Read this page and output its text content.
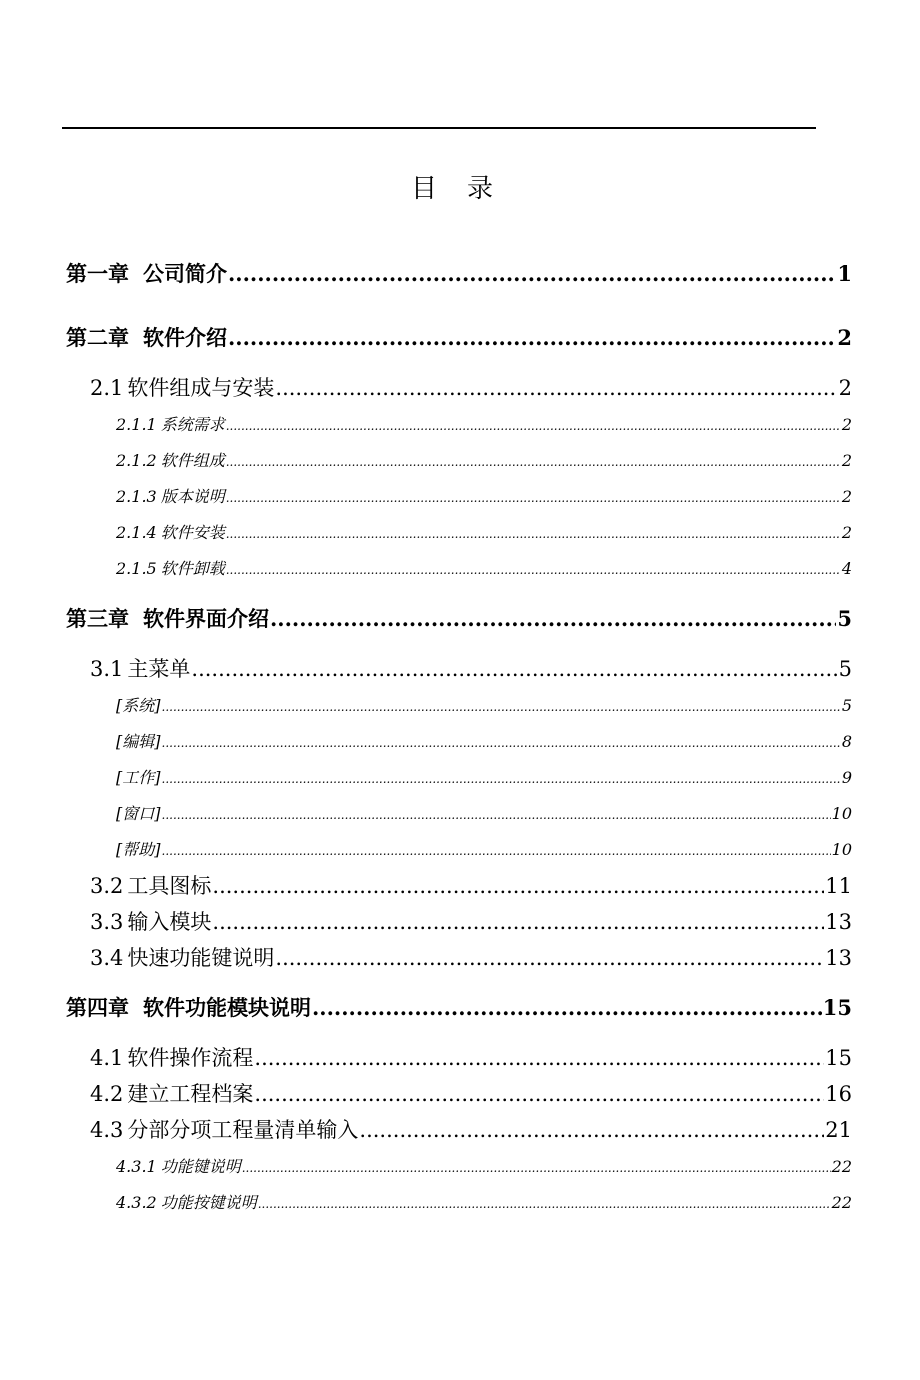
目录
第一章 公司简介 .....	1
第二章 软件介绍 .....	2
2.1 软件组成与安装 .....	2
2.1.1 系统需求 .....	2
2.1.2 软件组成 .....	2
2.1.3 版本说明 .....	2
2.1.4 软件安装 .....	2
2.1.5 软件卸载 .....	4
第三章 软件界面介绍 .....	5
3.1 主菜单 .....	5
[系统] .....	5
[编辑] .....	8
[工作] .....	9
[窗口] .....	10
[帮助] .....	10
3.2 工具图标 .....	11
3.3 输入模块 .....	13
3.4 快速功能键说明 .....	13
第四章 软件功能模块说明 .....	15
4.1 软件操作流程 .....	15
4.2 建立工程档案 .....	16
4.3 分部分项工程量清单输入 .....	21
4.3.1 功能键说明 .....	22
4.3.2 功能按键说明 .....	22
